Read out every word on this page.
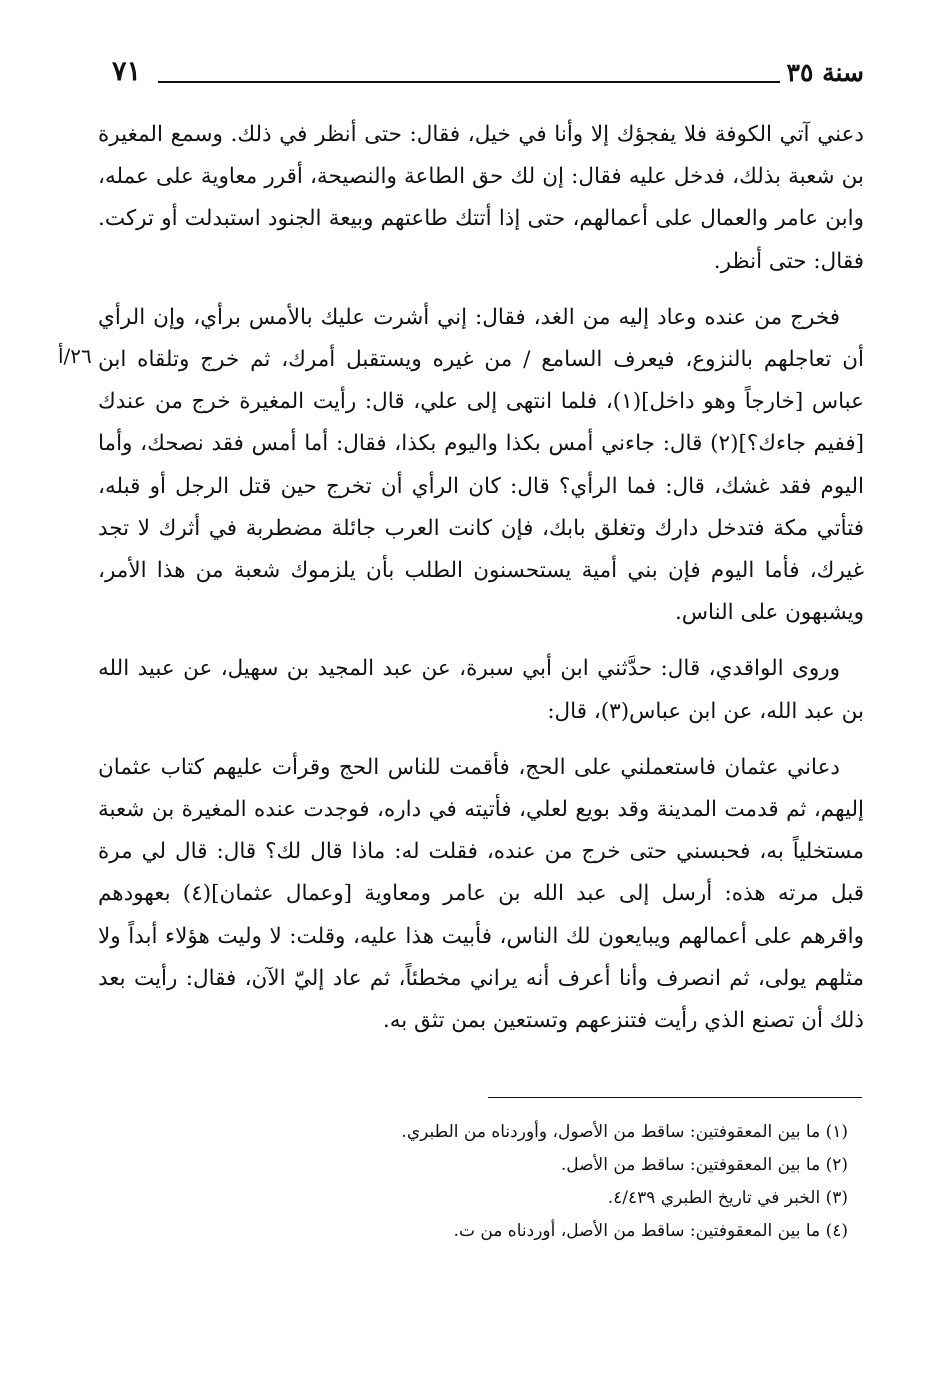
سنة ٣٥
٧١
٢٦/أ

دعني آتي الكوفة فلا يفجؤك إلا وأنا في خيل، فقال: حتى أنظر في ذلك. وسمع المغيرة بن شعبة بذلك، فدخل عليه فقال: إن لك حق الطاعة والنصيحة، أقرر معاوية على عمله، وابن عامر والعمال على أعمالهم، حتى إذا أتتك طاعتهم وبيعة الجنود استبدلت أو تركت. فقال: حتى أنظر.

فخرج من عنده وعاد إليه من الغد، فقال: إني أشرت عليك بالأمس برأي، وإن الرأي أن تعاجلهم بالنزوع، فيعرف السامع / من غيره ويستقبل أمرك، ثم خرج وتلقاه ابن عباس [خارجاً وهو داخل](١)، فلما انتهى إلى علي، قال: رأيت المغيرة خرج من عندك [ففيم جاءك؟](٢) قال: جاءني أمس بكذا واليوم بكذا، فقال: أما أمس فقد نصحك، وأما اليوم فقد غشك، قال: فما الرأي؟ قال: كان الرأي أن تخرج حين قتل الرجل أو قبله، فتأتي مكة فتدخل دارك وتغلق بابك، فإن كانت العرب جائلة مضطربة في أثرك لا تجد غيرك، فأما اليوم فإن بني أمية يستحسنون الطلب بأن يلزموك شعبة من هذا الأمر، ويشبهون على الناس.

وروى الواقدي، قال: حدَّثني ابن أبي سبرة، عن عبد المجيد بن سهيل، عن عبيد الله بن عبد الله، عن ابن عباس(٣)، قال:

دعاني عثمان فاستعملني على الحج، فأقمت للناس الحج وقرأت عليهم كتاب عثمان إليهم، ثم قدمت المدينة وقد بويع لعلي، فأتيته في داره، فوجدت عنده المغيرة بن شعبة مستخلياً به، فحبسني حتى خرج من عنده، فقلت له: ماذا قال لك؟ قال: قال لي مرة قبل مرته هذه: أرسل إلى عبد الله بن عامر ومعاوية [وعمال عثمان](٤) بعهودهم واقرهم على أعمالهم ويبايعون لك الناس، فأبيت هذا عليه، وقلت: لا وليت هؤلاء أبداً ولا مثلهم يولى، ثم انصرف وأنا أعرف أنه يراني مخطئاً، ثم عاد إليّ الآن، فقال: رأيت بعد ذلك أن تصنع الذي رأيت فتنزعهم وتستعين بمن تثق به.

(١) ما بين المعقوفتين: ساقط من الأصول، وأوردناه من الطبري.
(٢) ما بين المعقوفتين: ساقط من الأصل.
(٣) الخبر في تاريخ الطبري ٤/٤٣٩.
(٤) ما بين المعقوفتين: ساقط من الأصل، أوردناه من ت.
